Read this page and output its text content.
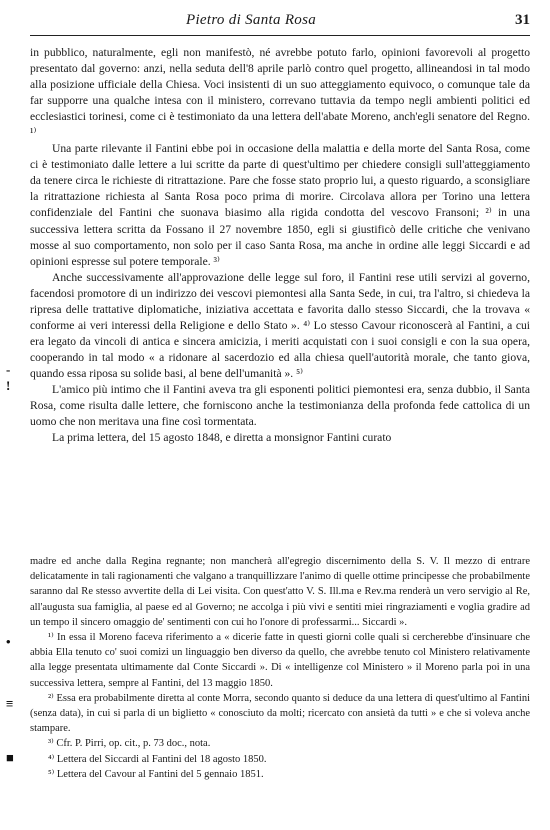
Pietro di Santa Rosa	31

in pubblico, naturalmente, egli non manifestò, né avrebbe potuto farlo, opinioni favorevoli al progetto presentato dal governo: anzi, nella seduta dell'8 aprile parlò contro quel progetto, allineandosi in tal modo alla posizione ufficiale della Chiesa. Voci insistenti di un suo atteggiamento equivoco, o comunque tale da far supporre una qualche intesa con il ministero, correvano tuttavia da tempo negli ambienti politici ed ecclesiastici torinesi, come ci è testimoniato da una lettera dell'abate Moreno, anch'egli senatore del Regno. ¹⁾

Una parte rilevante il Fantini ebbe poi in occasione della malattia e della morte del Santa Rosa, come ci è testimoniato dalle lettere a lui scritte da parte di quest'ultimo per chiedere consigli sull'atteggiamento da tenere circa le richieste di ritrattazione. Pare che fosse stato proprio lui, a questo riguardo, a sconsigliare la ritrattazione richiesta al Santa Rosa poco prima di morire. Circolava allora per Torino una lettera confidenziale del Fantini che suonava biasimo alla rigida condotta del vescovo Fransoni; ²⁾ in una successiva lettera scritta da Fossano il 27 novembre 1850, egli si giustificò delle critiche che venivano mosse al suo comportamento, non solo per il caso Santa Rosa, ma anche in ordine alle leggi Siccardi e ad opinioni espresse sul potere temporale. ³⁾

Anche successivamente all'approvazione delle legge sul foro, il Fantini rese utili servizi al governo, facendosi promotore di un indirizzo dei vescovi piemontesi alla Santa Sede, in cui, tra l'altro, si chiedeva la ripresa delle trattative diplomatiche, iniziativa accettata e favorita dallo stesso Siccardi, che la trovava « conforme ai veri interessi della Religione e dello Stato ». ⁴⁾ Lo stesso Cavour riconoscerà al Fantini, a cui era legato da vincoli di antica e sincera amicizia, i meriti acquistati con i suoi consigli e con la sua opera, cooperando in tal modo « a ridonare al sacerdozio ed alla chiesa quell'autorità morale, che tanto giova, quando essa riposa su solide basi, al bene dell'umanità ». ⁵⁾

L'amico più intimo che il Fantini aveva tra gli esponenti politici piemontesi era, senza dubbio, il Santa Rosa, come risulta dalle lettere, che forniscono anche la testimonianza della profonda fede cattolica di un uomo che non meritava una fine così tormentata.

La prima lettera, del 15 agosto 1848, e diretta a monsignor Fantini curato

madre ed anche dalla Regina regnante; non mancherà all'egregio discernimento della S. V. Il mezzo di entrare delicatamente in tali ragionamenti che valgano a tranquillizzare l'animo di quelle ottime principesse che probabilmente saranno dal Re stesso avvertite della di Lei visita. Con quest'atto V. S. Ill.ma e Rev.ma renderà un vero servigio al Re, all'augusta sua famiglia, al paese ed al Governo; ne accolga i più vivi e sentiti miei ringraziamenti e voglia gradire ad un tempo il sincero omaggio de' sentimenti con cui ho l'onore di professarmi... Siccardi ».

¹⁾ In essa il Moreno faceva riferimento a « dicerie fatte in questi giorni colle quali si cercherebbe d'insinuare che abbia Ella tenuto co' suoi comizi un linguaggio ben diverso da quello, che avrebbe tenuto col Ministero relativamente alla legge presentata ultimamente dal Conte Siccardi ». Di « intelligenze col Ministero » il Moreno parla poi in una successiva lettera, sempre al Fantini, del 13 maggio 1850.

²⁾ Essa era probabilmente diretta al conte Morra, secondo quanto si deduce da una lettera di quest'ultimo al Fantini (senza data), in cui si parla di un biglietto « conosciuto da molti; ricercato con ansietà da tutti » e che si voleva anche stampare.

³⁾ Cfr. P. Pirri, op. cit., p. 73 doc., nota.

⁴⁾ Lettera del Siccardi al Fantini del 18 agosto 1850.

⁵⁾ Lettera del Cavour al Fantini del 5 gennaio 1851.

-
!
•
≡
■
